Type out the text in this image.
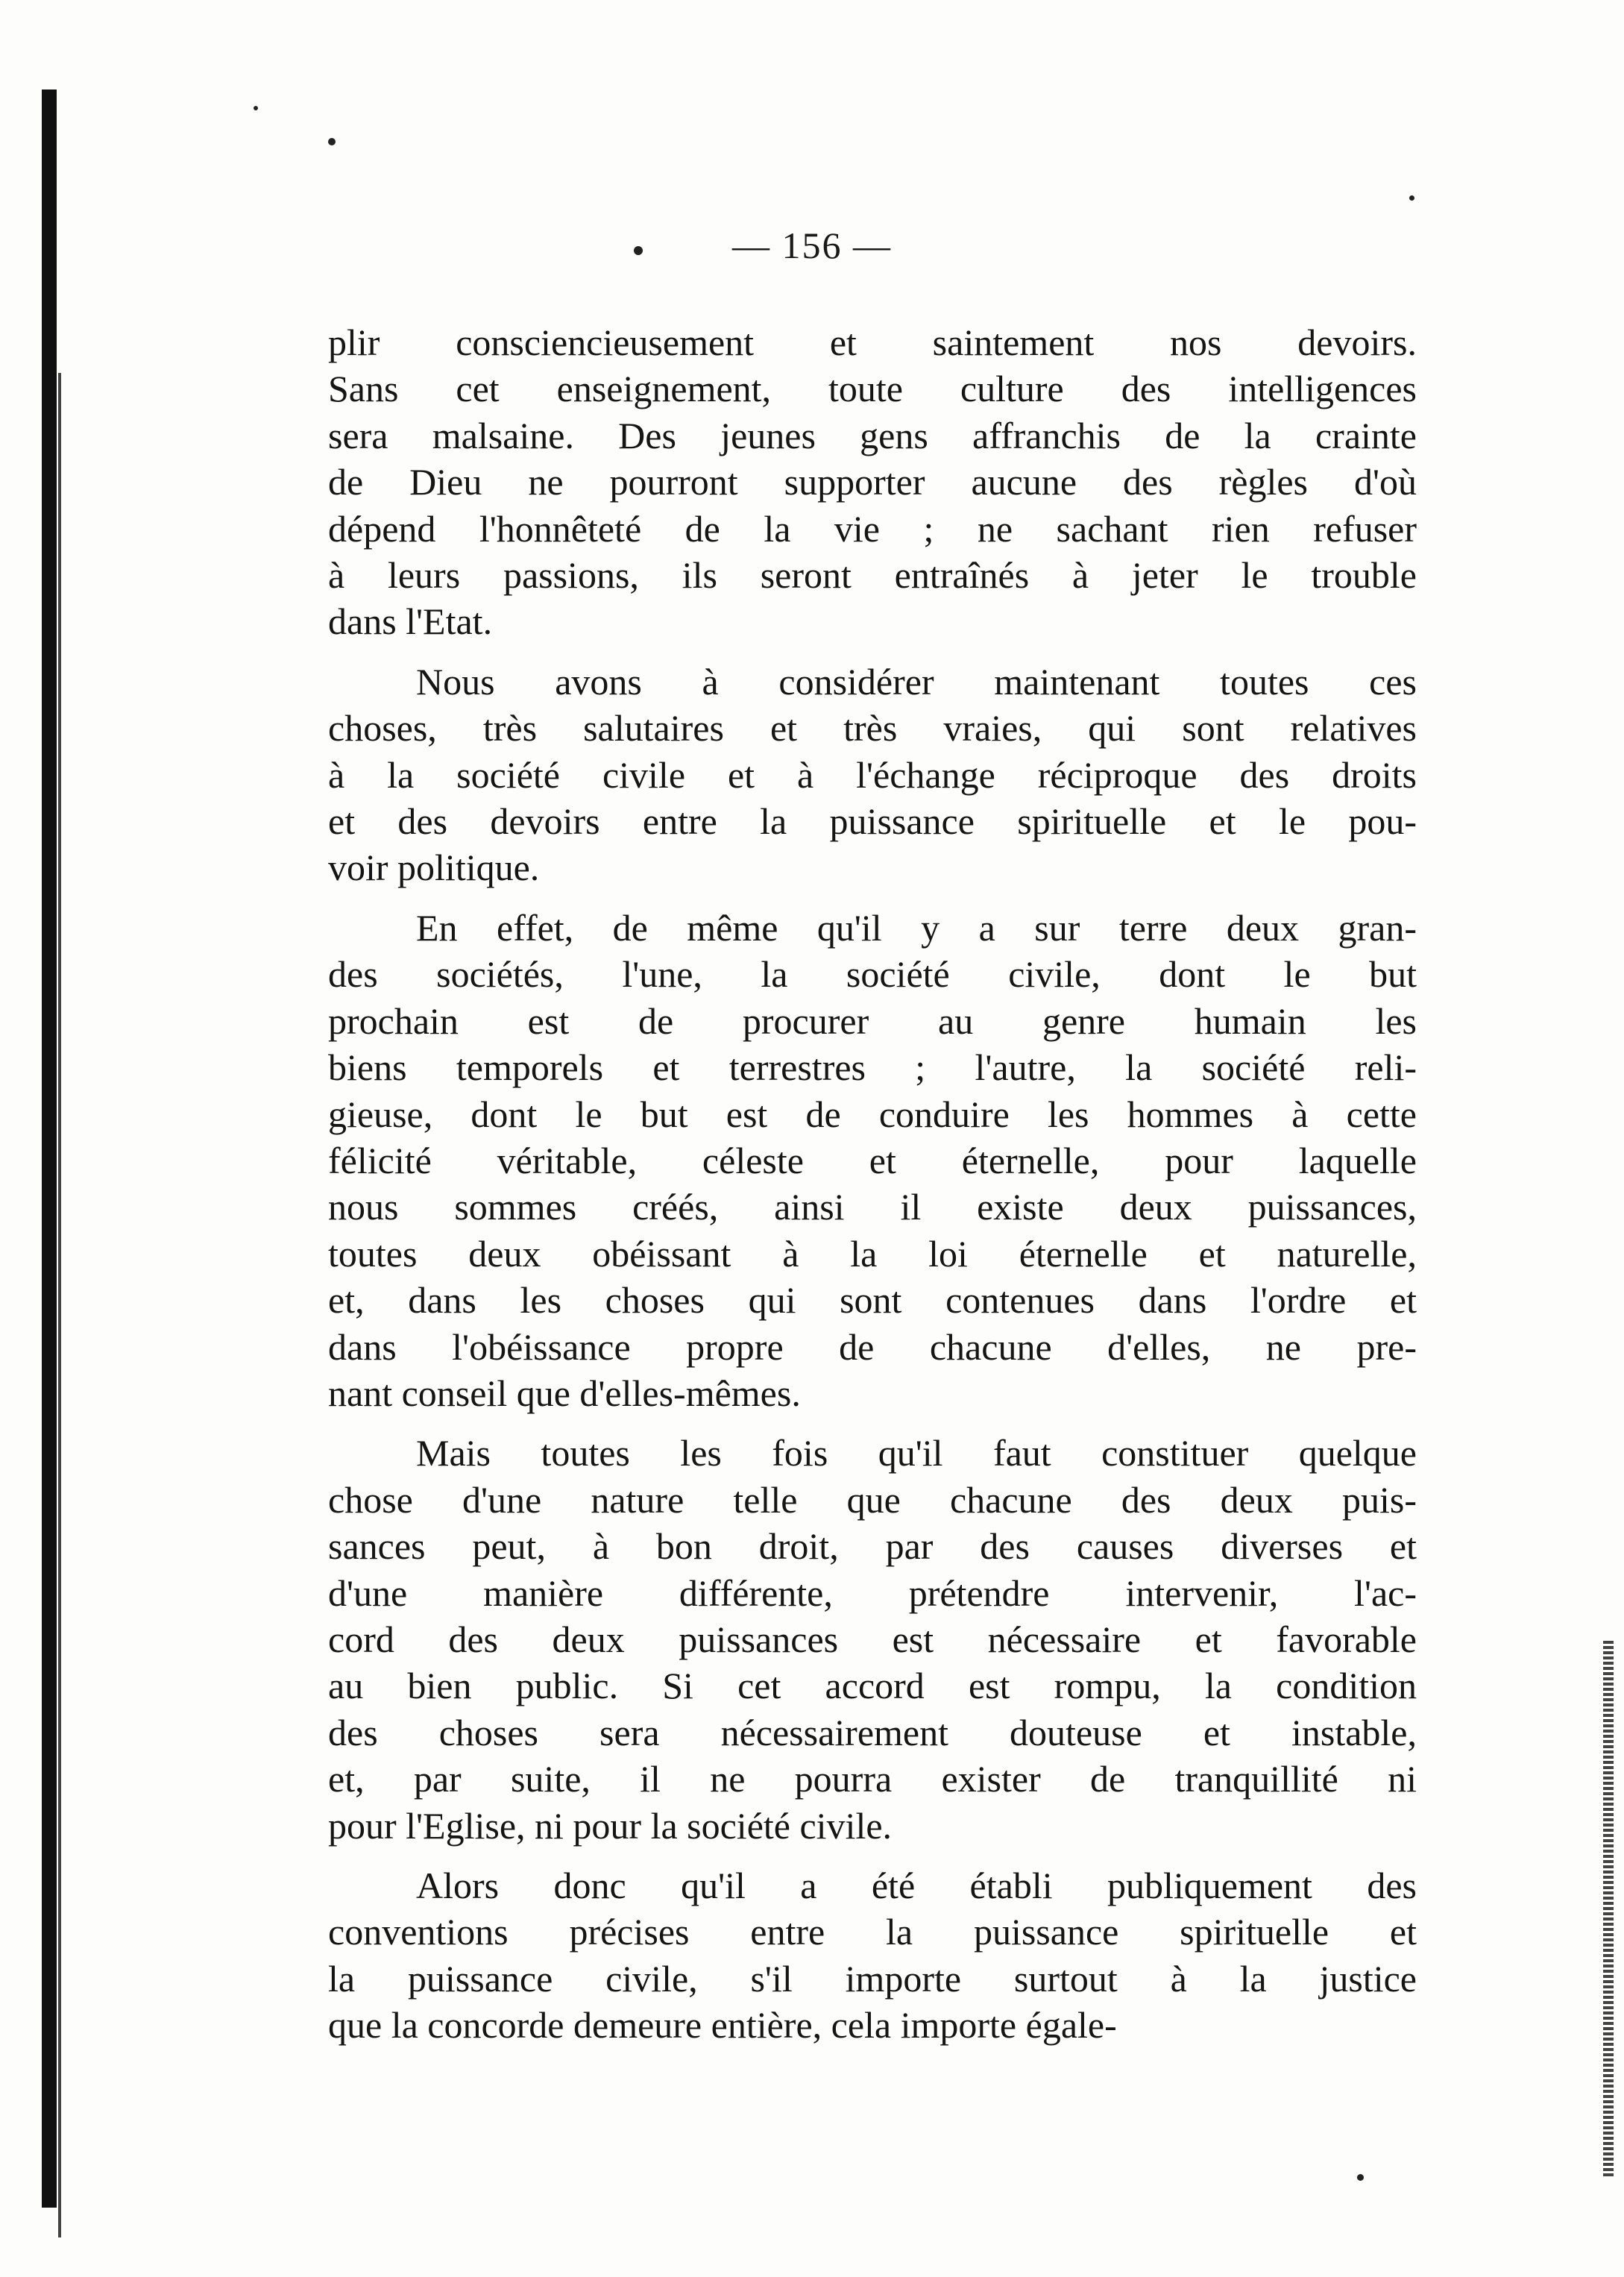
— 156 —
plir consciencieusement et saintement nos devoirs.
Sans cet enseignement, toute culture des intelligences
sera malsaine. Des jeunes gens affranchis de la crainte
de Dieu ne pourront supporter aucune des règles d'où
dépend l'honnêteté de la vie ; ne sachant rien refuser
à leurs passions, ils seront entraînés à jeter le trouble
dans l'Etat.
Nous avons à considérer maintenant toutes ces
choses, très salutaires et très vraies, qui sont relatives
à la société civile et à l'échange réciproque des droits
et des devoirs entre la puissance spirituelle et le pou-
voir politique.
En effet, de même qu'il y a sur terre deux gran-
des sociétés, l'une, la société civile, dont le but
prochain est de procurer au genre humain les
biens temporels et terrestres ; l'autre, la société reli-
gieuse, dont le but est de conduire les hommes à cette
félicité véritable, céleste et éternelle, pour laquelle
nous sommes créés, ainsi il existe deux puissances,
toutes deux obéissant à la loi éternelle et naturelle,
et, dans les choses qui sont contenues dans l'ordre et
dans l'obéissance propre de chacune d'elles, ne pre-
nant conseil que d'elles-mêmes.
Mais toutes les fois qu'il faut constituer quelque
chose d'une nature telle que chacune des deux puis-
sances peut, à bon droit, par des causes diverses et
d'une manière différente, prétendre intervenir, l'ac-
cord des deux puissances est nécessaire et favorable
au bien public. Si cet accord est rompu, la condition
des choses sera nécessairement douteuse et instable,
et, par suite, il ne pourra exister de tranquillité ni
pour l'Eglise, ni pour la société civile.
Alors donc qu'il a été établi publiquement des
conventions précises entre la puissance spirituelle et
la puissance civile, s'il importe surtout à la justice
que la concorde demeure entière, cela importe égale-
